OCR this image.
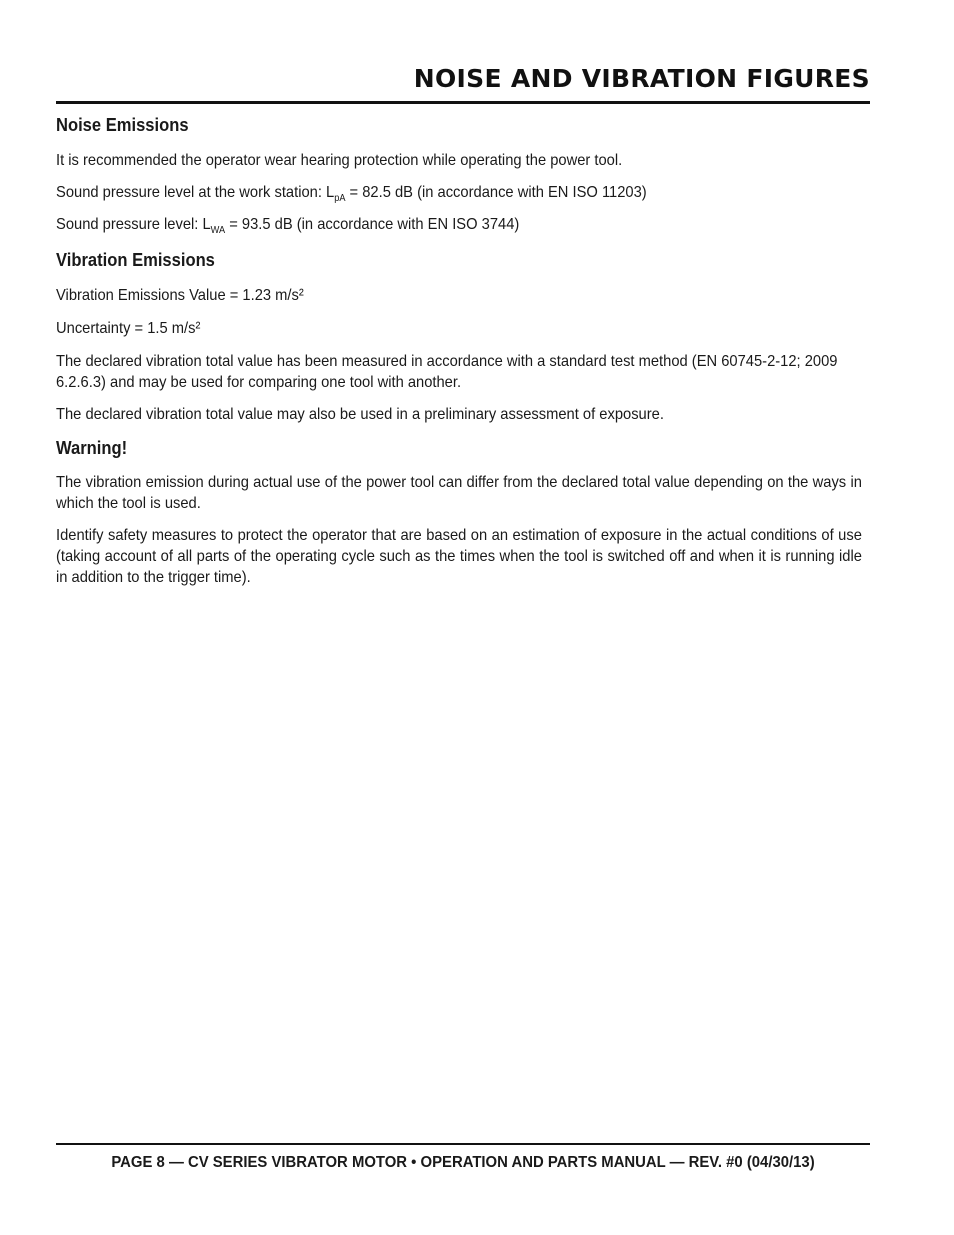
NOISE AND VIBRATION FIGURES
Noise Emissions

It is recommended the operator wear hearing protection while operating the power tool.

Sound pressure level at the work station: $L_{pA} = 82.5$ dB (in accordance with EN ISO 11203)

Sound pressure level: $L_{WA} = 93.5$ dB (in accordance with EN ISO 3744)

Vibration Emissions

Vibration Emissions Value = 1.23 m/s²

Uncertainty = 1.5 m/s²

The declared vibration total value has been measured in accordance with a standard test method (EN 60745-2-12; 2009 6.2.6.3) and may be used for comparing one tool with another.

The declared vibration total value may also be used in a preliminary assessment of exposure.

Warning!

The vibration emission during actual use of the power tool can differ from the declared total value depending on the ways in which the tool is used.

Identify safety measures to protect the operator that are based on an estimation of exposure in the actual conditions of use (taking account of all parts of the operating cycle such as the times when the tool is switched off and when it is running idle in addition to the trigger time).

PAGE 8 — CV SERIES VIBRATOR MOTOR • OPERATION AND PARTS MANUAL — REV. #0 (04/30/13)
